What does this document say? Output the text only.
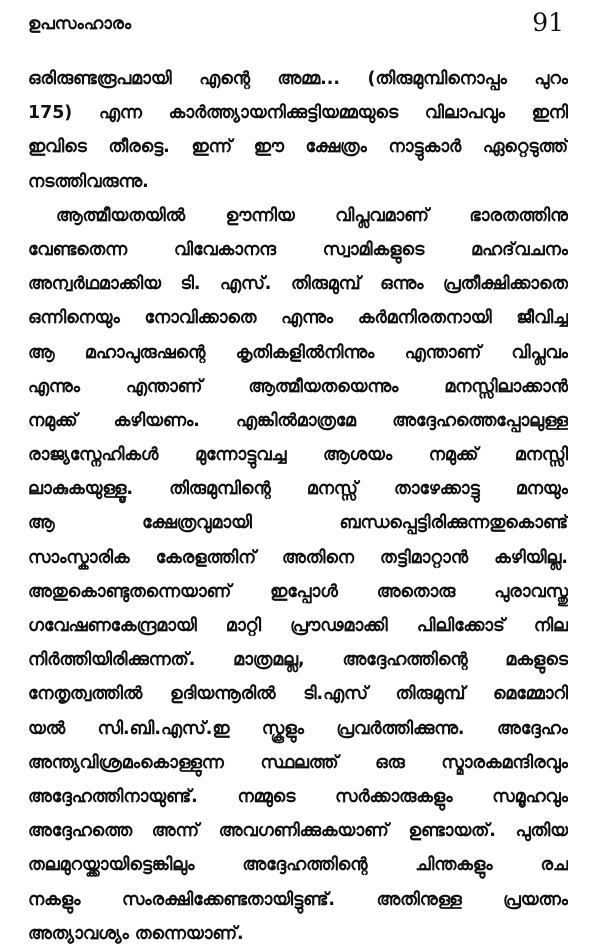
ഉപസംഹാരം	91
ഒരിരുണ്ടരൂപമായി എന്റെ അമ്മ... (തിരുമുമ്പിനൊപ്പം പുറം
175) എന്ന കാർത്ത്യായനിക്കുട്ടിയമ്മയുടെ വിലാപവും ഇനി
ഇവിടെ തീരട്ടെ. ഇന്ന് ഈ ക്ഷേത്രം നാട്ടുകാർ ഏറ്റെടുത്ത്
നടത്തിവരുന്നു.
ആത്മീയതയിൽ ഊന്നിയ വിപ്ലവമാണ് ഭാരതത്തിനു
വേണ്ടതെന്ന വിവേകാനന്ദ സ്വാമികളുടെ മഹദ്‌വചനം
അന്വർഥമാക്കിയ ടി. എസ്. തിരുമുമ്പ് ഒന്നും പ്രതീക്ഷിക്കാതെ
ഒന്നിനെയും നോവിക്കാതെ എന്നും കർമനിരതനായി ജീവിച്ച
ആ മഹാപുരുഷന്റെ കൃതികളിൽനിന്നും എന്താണ് വിപ്ലവം
എന്നും എന്താണ് ആത്മീയതയെന്നും മനസ്സിലാക്കാൻ
നമുക്ക് കഴിയണം. എങ്കിൽമാത്രമേ അദ്ദേഹത്തെപ്പോലുള്ള
രാജ്യസ്നേഹികൾ മുന്നോട്ടുവച്ച ആശയം നമുക്ക് മനസ്സി
ലാകുകയുള്ളൂ. തിരുമുമ്പിന്റെ മനസ്സ് താഴേക്കാട്ടു മനയും
ആ ക്ഷേത്രവുമായി ബന്ധപ്പെട്ടിരിക്കുന്നതുകൊണ്ട്
സാംസ്കാരിക കേരളത്തിന് അതിനെ തട്ടിമാറ്റാൻ കഴിയില്ല.
അതുകൊണ്ടുതന്നെയാണ് ഇപ്പോൾ അതൊരു പുരാവസ്തു
ഗവേഷണകേന്ദ്രമായി മാറ്റി പ്രൗഢമാക്കി പിലിക്കോട് നില
നിർത്തിയിരിക്കുന്നത്. മാത്രമല്ല, അദ്ദേഹത്തിന്റെ മകളുടെ
നേതൃത്വത്തിൽ ഉദിയന്നൂരിൽ ടി.എസ് തിരുമുമ്പ് മെമ്മോറി
യൽ സി.ബി.എസ്.ഇ സ്കൂളും പ്രവർത്തിക്കുന്നു. അദ്ദേഹം
അന്ത്യവിശ്രമംകൊള്ളുന്ന സ്ഥലത്ത് ഒരു സ്മാരകമന്ദിരവും
അദ്ദേഹത്തിനായുണ്ട്. നമ്മുടെ സർക്കാരുകളും സമൂഹവും
അദ്ദേഹത്തെ അന്ന് അവഗണിക്കുകയാണ് ഉണ്ടായത്. പുതിയ
തലമുറയ്ക്കായിട്ടെങ്കിലും അദ്ദേഹത്തിന്റെ ചിന്തകളും രച
നകളും സംരക്ഷിക്കേണ്ടതായിട്ടുണ്ട്. അതിനുള്ള പ്രയത്നം
അത്യാവശ്യം തന്നെയാണ്.
